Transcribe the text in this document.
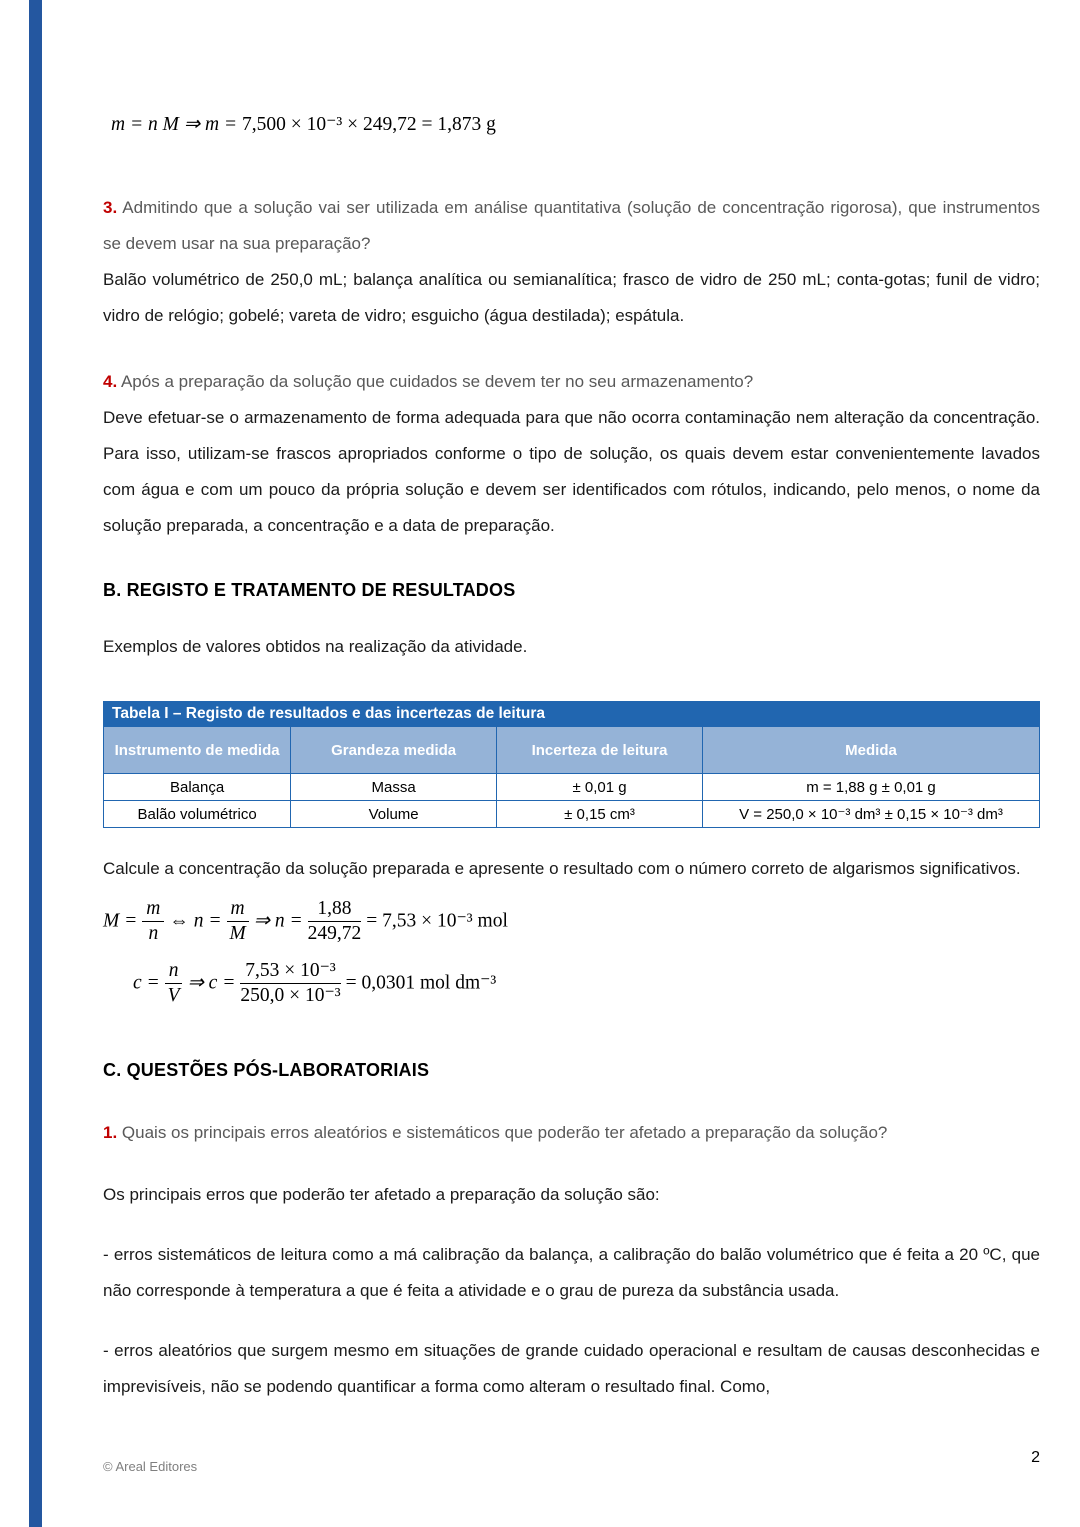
m = n M ⇒ m = 7,500 × 10⁻³ × 249,72 = 1,873 g

3. Admitindo que a solução vai ser utilizada em análise quantitativa (solução de concentração rigorosa), que instrumentos se devem usar na sua preparação?

Balão volumétrico de 250,0 mL; balança analítica ou semianalítica; frasco de vidro de 250 mL; conta-gotas; funil de vidro; vidro de relógio; gobelé; vareta de vidro; esguicho (água destilada); espátula.

4. Após a preparação da solução que cuidados se devem ter no seu armazenamento?

Deve efetuar-se o armazenamento de forma adequada para que não ocorra contaminação nem alteração da concentração. Para isso, utilizam-se frascos apropriados conforme o tipo de solução, os quais devem estar convenientemente lavados com água e com um pouco da própria solução e devem ser identificados com rótulos, indicando, pelo menos, o nome da solução preparada, a concentração e a data de preparação.

B. REGISTO E TRATAMENTO DE RESULTADOS

Exemplos de valores obtidos na realização da atividade.

Tabela I – Registo de resultados e das incertezas de leitura			
Instrumento de medida	Grandeza medida	Incerteza de leitura	Medida
Balança	Massa	± 0,01 g	m = 1,88 g ± 0,01 g
Balão volumétrico	Volume	± 0,15 cm³	V = 250,0 × 10⁻³ dm³ ± 0,15 × 10⁻³ dm³

Calcule a concentração da solução preparada e apresente o resultado com o número correto de algarismos significativos.

$M = \frac{m}{n}$ ⇔ $n = \frac{m}{M}$ ⇒ $n = \frac{1,88}{249,72} = 7,53 \times 10^{-3}$ mol

$c = \frac{n}{V}$ ⇒ $c = \frac{\text{7,53 × 10⁻³}}{\text{250,0 × 10⁻³}} = 0,0301$ mol dm⁻³

C. QUESTÕES PÓS-LABORATORIAIS

1. Quais os principais erros aleatórios e sistemáticos que poderão ter afetado a preparação da solução?

Os principais erros que poderão ter afetado a preparação da solução são:

- erros sistemáticos de leitura como a má calibração da balança, a calibração do balão volumétrico que é feita a 20 ºC, que não corresponde à temperatura a que é feita a atividade e o grau de pureza da substância usada.

- erros aleatórios que surgem mesmo em situações de grande cuidado operacional e resultam de causas desconhecidas e imprevisíveis, não se podendo quantificar a forma como alteram o resultado final. Como,

© Areal Editores
2
